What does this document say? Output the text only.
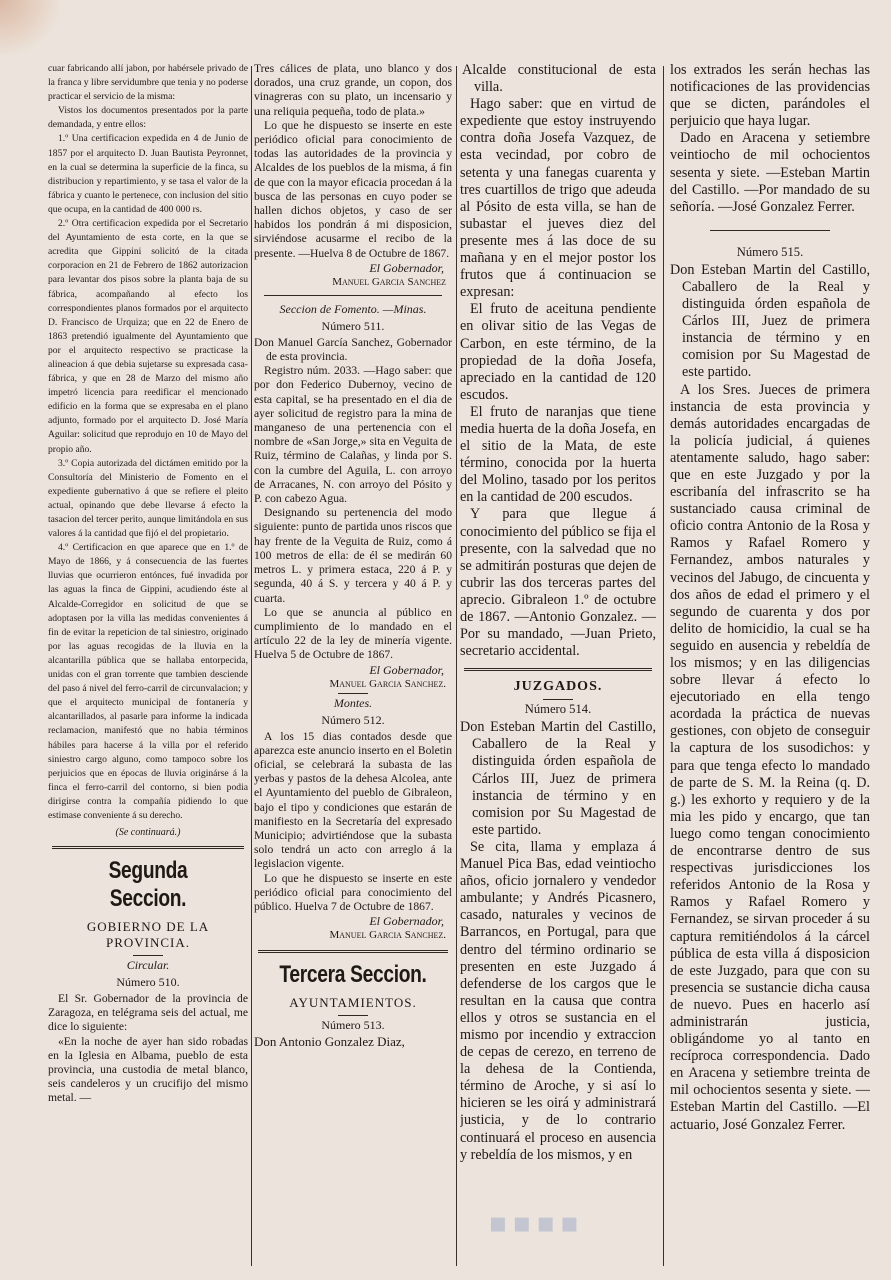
cuar fabricando allí jabon, por habérsele privado de la franca y libre servidumbre que tenia y no poderse practicar el servicio de la misma:

Vistos los documentos presentados por la parte demandada, y entre ellos:

1.º Una certificacion expedida en 4 de Junio de 1857 por el arquitecto D. Juan Bautista Peyronnet, en la cual se determina la superficie de la finca, su distribucion y repartimiento, y se tasa el valor de la fábrica y cuanto le pertenece, con inclusion del sitio que ocupa, en la cantidad de 400 000 rs.

2.º Otra certificacion expedida por el Secretario del Ayuntamiento de esta corte, en la que se acredita que Gippini solicitó de la citada corporacion en 21 de Febrero de 1862 autorizacion para levantar dos pisos sobre la planta baja de su fábrica, acompañando al efecto los correspondientes planos formados por el arquitecto D. Francisco de Urquiza; que en 22 de Enero de 1863 pretendió igualmente del Ayuntamiento que por el arquitecto respectivo se practicase la alineacion á que debia sujetarse su expresada casa-fábrica, y que en 28 de Marzo del mismo año impetró licencia para reedificar el mencionado edificio en la forma que se expresaba en el plano adjunto, formado por el arquitecto D. José María Aguilar: solicitud que reprodujo en 10 de Mayo del propio año.

3.º Copia autorizada del dictámen emitido por la Consultoría del Ministerio de Fomento en el expediente gubernativo á que se refiere el pleito actual, opinando que debe llevarse á efecto la tasacion del tercer perito, aunque limitándola en sus valores á la cantidad que fijó el del propietario.

4.º Certificacion en que aparece que en 1.º de Mayo de 1866, y á consecuencia de las fuertes lluvias que ocurrieron entónces, fué invadida por las aguas la finca de Gippini, acudiendo éste al Alcalde-Corregidor en solicitud de que se adoptasen por la villa las medidas convenientes á fin de evitar la repeticion de tal siniestro, originado por las aguas recogidas de la lluvia en la alcantarilla pública que se hallaba entorpecida, unidas con el gran torrente que tambien desciende del paso á nivel del ferro-carril de circunvalacion; y que el arquitecto municipal de fontanería y alcantarillados, al pasarle para informe la indicada reclamacion, manifestó que no habia términos hábiles para hacerse á la villa por el referido siniestro cargo alguno, como tampoco sobre los perjuicios que en épocas de lluvia originárse á la finca el ferro-carril del contorno, si bien podia dirigirse contra la compañía pidiendo lo que estimase conveniente á su derecho.

(Se continuará.)

Segunda Seccion.
GOBIERNO DE LA PROVINCIA.

Circular.

Número 510.

El Sr. Gobernador de la provincia de Zaragoza, en telégrama seis del actual, me dice lo siguiente:

«En la noche de ayer han sido robadas en la Iglesia en Albama, pueblo de esta provincia, una custodia de metal blanco, seis candeleros y un crucifijo del mismo metal. —

Tres cálices de plata, uno blanco y dos dorados, una cruz grande, un copon, dos vinagreras con su plato, un incensario y una reliquia pequeña, todo de plata.»

Lo que he dispuesto se inserte en este periódico oficial para conocimiento de todas las autoridades de la provincia y Alcaldes de los pueblos de la misma, á fin de que con la mayor eficacia procedan á la busca de las personas en cuyo poder se hallen dichos objetos, y caso de ser habidos los pondrán á mi disposicion, sirviéndose acusarme el recibo de la presente. —Huelva 8 de Octubre de 1867.

El Gobernador,

Manuel Garcia Sanchez

Seccion de Fomento. —Minas.

Número 511.

Don Manuel García Sanchez, Gobernador de esta provincia.

Registro núm. 2033. —Hago saber: que por don Federico Dubernoy, vecino de esta capital, se ha presentado en el dia de ayer solicitud de registro para la mina de manganeso de una pertenencia con el nombre de «San Jorge,» sita en Veguita de Ruiz, término de Calañas, y linda por S. con la cumbre del Aguila, L. con arroyo de Arracanes, N. con arroyo del Pósito y P. con cabezo Agua.

Designando su pertenencia del modo siguiente: punto de partida unos riscos que hay frente de la Veguita de Ruiz, como á 100 metros de ella: de él se medirán 60 metros L. y primera estaca, 220 á P. y segunda, 40 á S. y tercera y 40 á P. y cuarta.

Lo que se anuncia al público en cumplimiento de lo mandado en el artículo 22 de la ley de minería vigente. Huelva 5 de Octubre de 1867.

El Gobernador,

Manuel Garcia Sanchez.

Montes.

Número 512.

A los 15 dias contados desde que aparezca este anuncio inserto en el Boletin oficial, se celebrará la subasta de las yerbas y pastos de la dehesa Alcolea, ante el Ayuntamiento del pueblo de Gibraleon, bajo el tipo y condiciones que estarán de manifiesto en la Secretaría del expresado Municipio; advirtiéndose que la subasta solo tendrá un acto con arreglo á la legislacion vigente.

Lo que he dispuesto se inserte en este periódico oficial para conocimiento del público. Huelva 7 de Octubre de 1867.

El Gobernador,

Manuel Garcia Sanchez.

Tercera Seccion.
AYUNTAMIENTOS.

Número 513.

Don Antonio Gonzalez Diaz,

Alcalde constitucional de esta villa.

Hago saber: que en virtud de expediente que estoy instruyendo contra doña Josefa Vazquez, de esta vecindad, por cobro de setenta y una fanegas cuarenta y tres cuartillos de trigo que adeuda al Pósito de esta villa, se han de subastar el jueves diez del presente mes á las doce de su mañana y en el mejor postor los frutos que á continuacion se expresan:

El fruto de aceituna pendiente en olivar sitio de las Vegas de Carbon, en este término, de la propiedad de la doña Josefa, apreciado en la cantidad de 120 escudos.

El fruto de naranjas que tiene media huerta de la doña Josefa, en el sitio de la Mata, de este término, conocida por la huerta del Molino, tasado por los peritos en la cantidad de 200 escudos.

Y para que llegue á conocimiento del público se fija el presente, con la salvedad que no se admitirán posturas que dejen de cubrir las dos terceras partes del aprecio. Gibraleon 1.º de octubre de 1867. —Antonio Gonzalez. —Por su mandado, —Juan Prieto, secretario accidental.

JUZGADOS.

Número 514.

Don Esteban Martin del Castillo, Caballero de la Real y distinguida órden española de Cárlos III, Juez de primera instancia de término y en comision por Su Magestad de este partido.

Se cita, llama y emplaza á Manuel Pica Bas, edad veintiocho años, oficio jornalero y vendedor ambulante; y Andrés Picasnero, casado, naturales y vecinos de Barrancos, en Portugal, para que dentro del término ordinario se presenten en este Juzgado á defenderse de los cargos que le resultan en la causa que contra ellos y otros se sustancia en el mismo por incendio y extraccion de cepas de cerezo, en terreno de la dehesa de la Contienda, término de Aroche, y si así lo hicieren se les oirá y administrará justicia, y de lo contrario continuará el proceso en ausencia y rebeldía de los mismos, y en

los extrados les serán hechas las notificaciones de las providencias que se dicten, parándoles el perjuicio que haya lugar.

Dado en Aracena y setiembre veintiocho de mil ochocientos sesenta y siete. —Esteban Martin del Castillo. —Por mandado de su señoría. —José Gonzalez Ferrer.

Número 515.

Don Esteban Martin del Castillo, Caballero de la Real y distinguida órden española de Cárlos III, Juez de primera instancia de término y en comision por Su Magestad de este partido.

A los Sres. Jueces de primera instancia de esta provincia y demás autoridades encargadas de la policía judicial, á quienes atentamente saludo, hago saber: que en este Juzgado y por la escribanía del infrascrito se ha sustanciado causa criminal de oficio contra Antonio de la Rosa y Ramos y Rafael Romero y Fernandez, ambos naturales y vecinos del Jabugo, de cincuenta y dos años de edad el primero y el segundo de cuarenta y dos por delito de homicidio, la cual se ha seguido en ausencia y rebeldía de los mismos; y en las diligencias sobre llevar á efecto lo ejecutoriado en ella tengo acordada la práctica de nuevas gestiones, con objeto de conseguir la captura de los susodichos: y para que tenga efecto lo mandado de parte de S. M. la Reina (q. D. g.) les exhorto y requiero y de la mia les pido y encargo, que tan luego como tengan conocimiento de encontrarse dentro de sus respectivas jurisdicciones los referidos Antonio de la Rosa y Ramos y Rafael Romero y Fernandez, se sirvan proceder á su captura remitiéndolos á la cárcel pública de esta villa á disposicion de este Juzgado, para que con su presencia se sustancie dicha causa de nuevo. Pues en hacerlo así administrarán justicia, obligándome yo al tanto en recíproca correspondencia. Dado en Aracena y setiembre treinta de mil ochocientos sesenta y siete. —Esteban Martin del Castillo. —El actuario, José Gonzalez Ferrer.

▪▪▪▪
